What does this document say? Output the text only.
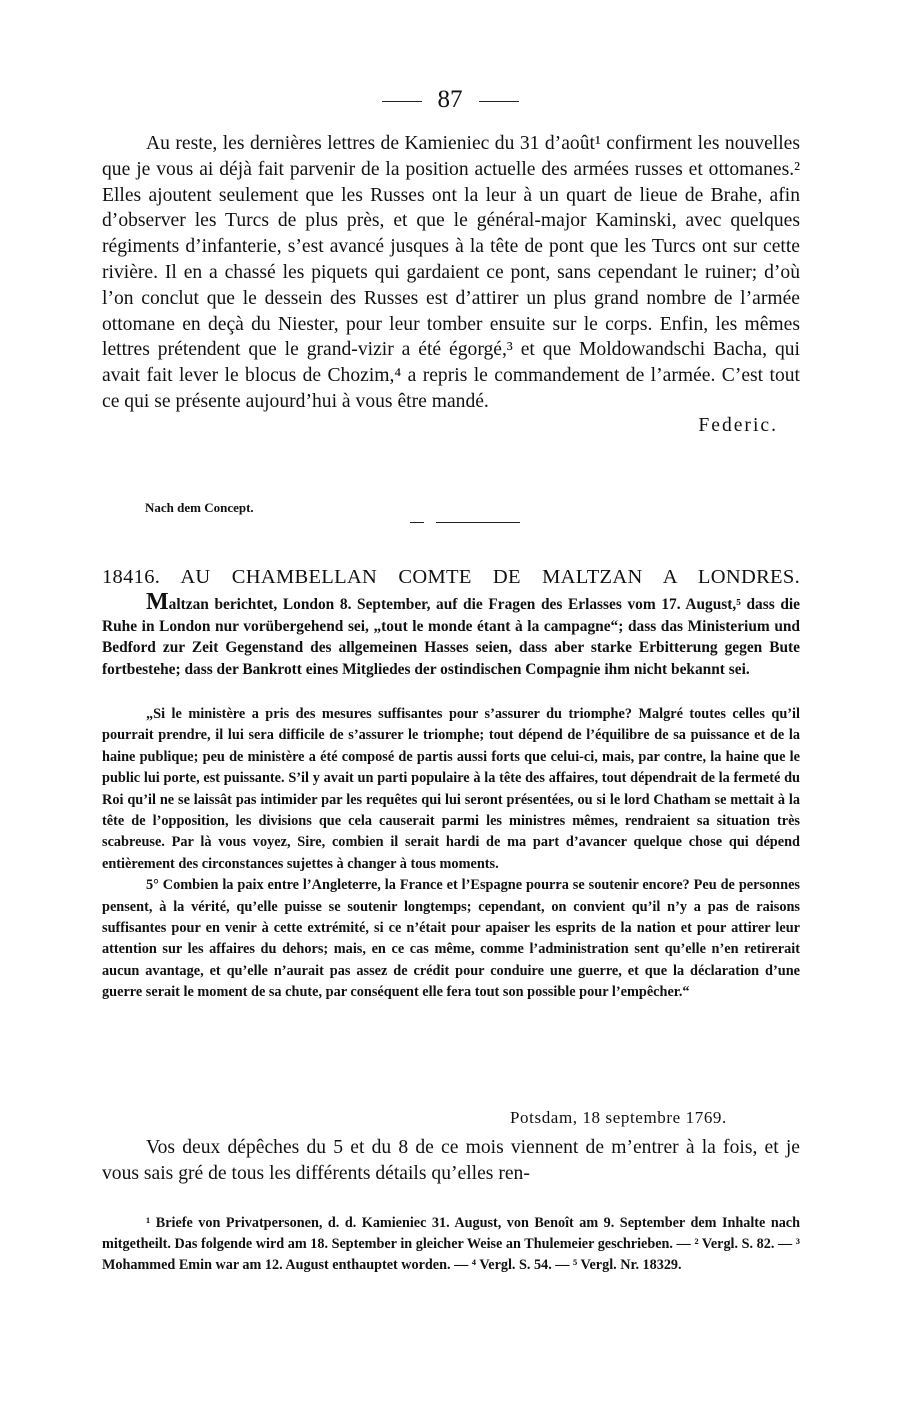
87

Au reste, les dernières lettres de Kamieniec du 31 d’août¹ confirment les nouvelles que je vous ai déjà fait parvenir de la position actuelle des armées russes et ottomanes.² Elles ajoutent seulement que les Russes ont la leur à un quart de lieue de Brahe, afin d’observer les Turcs de plus près, et que le général-major Kaminski, avec quelques régiments d’infanterie, s’est avancé jusques à la tête de pont que les Turcs ont sur cette rivière. Il en a chassé les piquets qui gardaient ce pont, sans cependant le ruiner; d’où l’on conclut que le dessein des Russes est d’attirer un plus grand nombre de l’armée ottomane en deçà du Niester, pour leur tomber ensuite sur le corps. Enfin, les mêmes lettres prétendent que le grand-vizir a été égorgé,³ et que Moldowandschi Bacha, qui avait fait lever le blocus de Chozim,⁴ a repris le commandement de l’armée. C’est tout ce qui se présente aujourd’hui à vous être mandé.

Federic.
Nach dem Concept.
18416. AU CHAMBELLAN COMTE DE MALTZAN A LONDRES.

Maltzan berichtet, London 8. September, auf die Fragen des Erlasses vom 17. August,⁵ dass die Ruhe in London nur vorübergehend sei, „tout le monde étant à la campagne“; dass das Ministerium und Bedford zur Zeit Gegenstand des allgemeinen Hasses seien, dass aber starke Erbitterung gegen Bute fortbestehe; dass der Bankrott eines Mitgliedes der ostindischen Compagnie ihm nicht bekannt sei.

„Si le ministère a pris des mesures suffisantes pour s’assurer du triomphe? Malgré toutes celles qu’il pourrait prendre, il lui sera difficile de s’assurer le triomphe; tout dépend de l’équilibre de sa puissance et de la haine publique; peu de ministère a été composé de partis aussi forts que celui-ci, mais, par contre, la haine que le public lui porte, est puissante. S’il y avait un parti populaire à la tête des affaires, tout dépendrait de la fermeté du Roi qu’il ne se laissât pas intimider par les requêtes qui lui seront présentées, ou si le lord Chatham se mettait à la tête de l’opposition, les divisions que cela causerait parmi les ministres mêmes, rendraient sa situation très scabreuse. Par là vous voyez, Sire, combien il serait hardi de ma part d’avancer quelque chose qui dépend entièrement des circonstances sujettes à changer à tous moments.

5° Combien la paix entre l’Angleterre, la France et l’Espagne pourra se soutenir encore? Peu de personnes pensent, à la vérité, qu’elle puisse se soutenir longtemps; cependant, on convient qu’il n’y a pas de raisons suffisantes pour en venir à cette extrémité, si ce n’était pour apaiser les esprits de la nation et pour attirer leur attention sur les affaires du dehors; mais, en ce cas même, comme l’administration sent qu’elle n’en retirerait aucun avantage, et qu’elle n’aurait pas assez de crédit pour conduire une guerre, et que la déclaration d’une guerre serait le moment de sa chute, par conséquent elle fera tout son possible pour l’empêcher.“

Potsdam, 18 septembre 1769.

Vos deux dépêches du 5 et du 8 de ce mois viennent de m’entrer à la fois, et je vous sais gré de tous les différents détails qu’elles ren-

¹ Briefe von Privatpersonen, d. d. Kamieniec 31. August, von Benoît am 9. September dem Inhalte nach mitgetheilt. Das folgende wird am 18. September in gleicher Weise an Thulemeier geschrieben. — ² Vergl. S. 82. — ³ Mohammed Emin war am 12. August enthauptet worden. — ⁴ Vergl. S. 54. — ⁵ Vergl. Nr. 18329.
